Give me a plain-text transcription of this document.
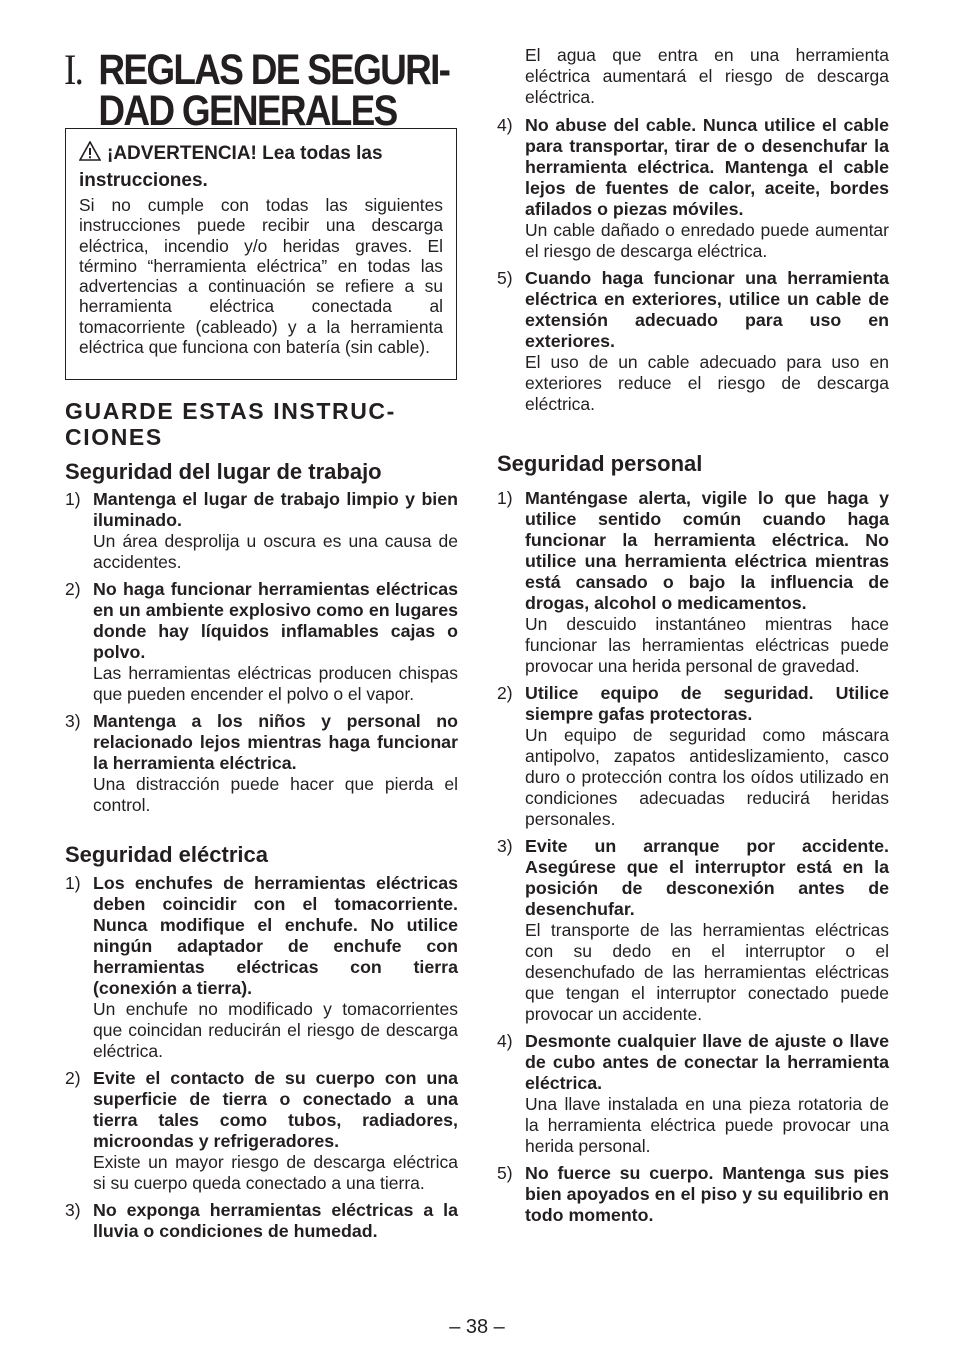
I. REGLAS DE SEGURI-
DAD GENERALES
¡ADVERTENCIA! Lea todas las instrucciones.
Si no cumple con todas las siguientes instrucciones puede recibir una descarga eléctrica, incendio y/o heridas graves. El término “herramienta eléctrica” en todas las advertencias a continuación se refiere a su herramienta eléctrica conectada al tomacorriente (cableado) y a la herramienta eléctrica que funciona con batería (sin cable).
GUARDE ESTAS INSTRUC-CIONES
Seguridad del lugar de trabajo
1) Mantenga el lugar de trabajo limpio y bien iluminado.
Un área desprolija u oscura es una causa de accidentes.
2) No haga funcionar herramientas eléctricas en un ambiente explosivo como en lugares donde hay líquidos inflamables cajas o polvo.
Las herramientas eléctricas producen chispas que pueden encender el polvo o el vapor.
3) Mantenga a los niños y personal no relacionado lejos mientras haga funcionar la herramienta eléctrica.
Una distracción puede hacer que pierda el control.
Seguridad eléctrica
1) Los enchufes de herramientas eléctricas deben coincidir con el tomacorriente. Nunca modifique el enchufe. No utilice ningún adaptador de enchufe con herramientas eléctricas con tierra (conexión a tierra).
Un enchufe no modificado y tomacorrientes que coincidan reducirán el riesgo de descarga eléctrica.
2) Evite el contacto de su cuerpo con una superficie de tierra o conectado a una tierra tales como tubos, radiadores, microondas y refrigeradores.
Existe un mayor riesgo de descarga eléctrica si su cuerpo queda conectado a una tierra.
3) No exponga herramientas eléctricas a la lluvia o condiciones de humedad.
El agua que entra en una herramienta eléctrica aumentará el riesgo de descarga eléctrica.
4) No abuse del cable. Nunca utilice el cable para transportar, tirar de o desenchufar la herramienta eléctrica. Mantenga el cable lejos de fuentes de calor, aceite, bordes afilados o piezas móviles.
Un cable dañado o enredado puede aumentar el riesgo de descarga eléctrica.
5) Cuando haga funcionar una herramienta eléctrica en exteriores, utilice un cable de extensión adecuado para uso en exteriores.
El uso de un cable adecuado para uso en exteriores reduce el riesgo de descarga eléctrica.
Seguridad personal
1) Manténgase alerta, vigile lo que haga y utilice sentido común cuando haga funcionar la herramienta eléctrica. No utilice una herramienta eléctrica mientras está cansado o bajo la influencia de drogas, alcohol o medicamentos.
Un descuido instantáneo mientras hace funcionar las herramientas eléctricas puede provocar una herida personal de gravedad.
2) Utilice equipo de seguridad. Utilice siempre gafas protectoras.
Un equipo de seguridad como máscara antipolvo, zapatos antideslizamiento, casco duro o protección contra los oídos utilizado en condiciones adecuadas reducirá heridas personales.
3) Evite un arranque por accidente. Asegúrese que el interruptor está en la posición de desconexión antes de desenchufar.
El transporte de las herramientas eléctricas con su dedo en el interruptor o el desenchufado de las herramientas eléctricas que tengan el interruptor conectado puede provocar un accidente.
4) Desmonte cualquier llave de ajuste o llave de cubo antes de conectar la herramienta eléctrica.
Una llave instalada en una pieza rotatoria de la herramienta eléctrica puede provocar una herida personal.
5) No fuerce su cuerpo. Mantenga sus pies bien apoyados en el piso y su equilibrio en todo momento.
– 38 –
